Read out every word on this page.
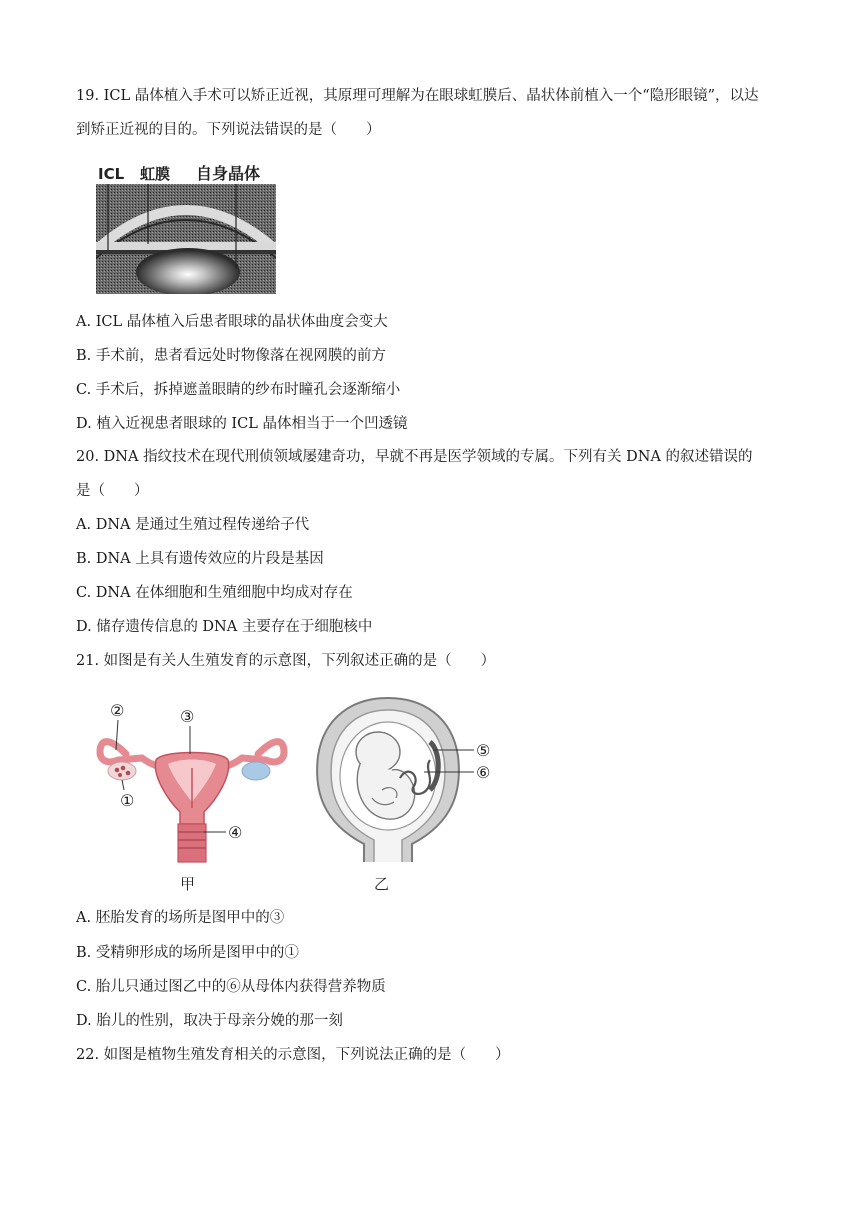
19. ICL 晶体植入手术可以矫正近视，其原理可理解为在眼球虹膜后、晶状体前植入一个“隐形眼镜”，以达
到矫正近视的目的。下列说法错误的是（　　）
ICL 虹膜 自身晶体
A. ICL 晶体植入后患者眼球的晶状体曲度会变大
B. 手术前，患者看远处时物像落在视网膜的前方
C. 手术后，拆掉遮盖眼睛的纱布时瞳孔会逐渐缩小
D. 植入近视患者眼球的 ICL 晶体相当于一个凹透镜
20. DNA 指纹技术在现代刑侦领域屡建奇功，早就不再是医学领域的专属。下列有关 DNA 的叙述错误的
是（　　）
A. DNA 是通过生殖过程传递给子代
B. DNA 上具有遗传效应的片段是基因
C. DNA 在体细胞和生殖细胞中均成对存在
D. 储存遗传信息的 DNA 主要存在于细胞核中
21. 如图是有关人生殖发育的示意图，下列叙述正确的是（　　）
②	③
①
④
甲
⑤
⑥
乙
A. 胚胎发育的场所是图甲中的③
B. 受精卵形成的场所是图甲中的①
C. 胎儿只通过图乙中的⑥从母体内获得营养物质
D. 胎儿的性别，取决于母亲分娩的那一刻
22. 如图是植物生殖发育相关的示意图，下列说法正确的是（　　）
